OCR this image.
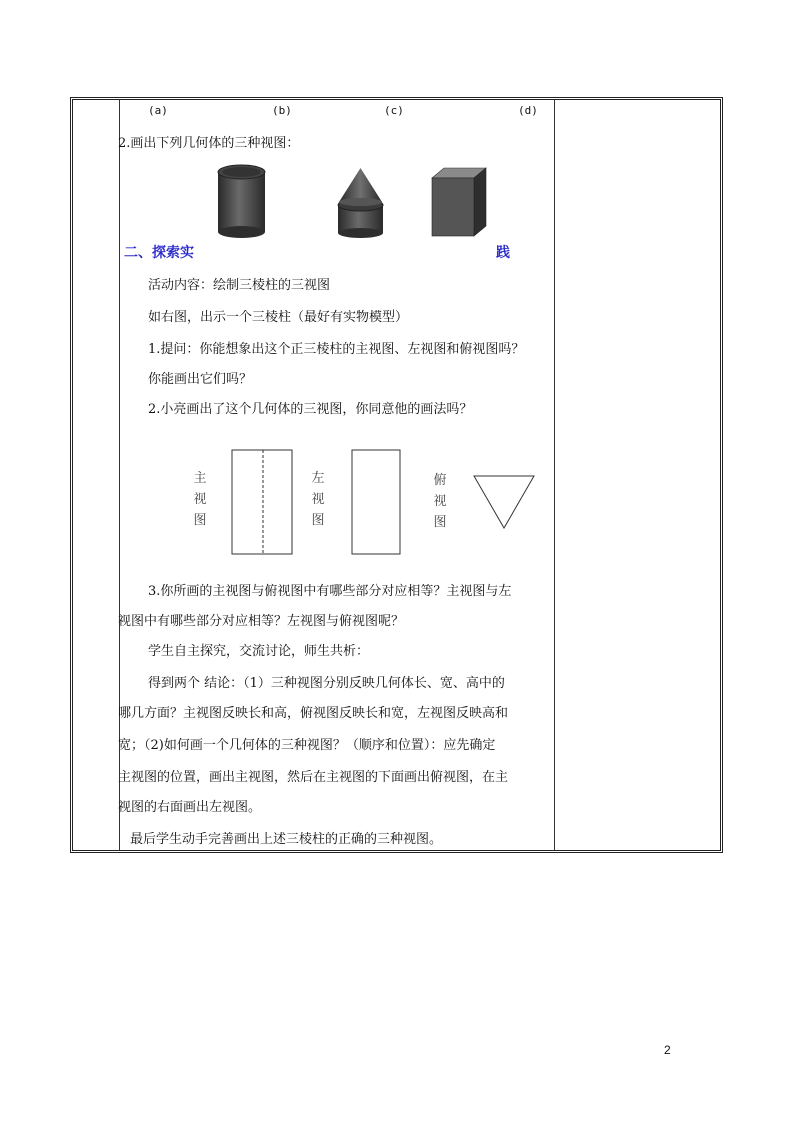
(a)	(b)	(c)	(d)
2.画出下列几何体的三种视图：
二、探索实	践
活动内容：绘制三棱柱的三视图
如右图，出示一个三棱柱（最好有实物模型）
1.提问：你能想象出这个正三棱柱的主视图、左视图和俯视图吗？
你能画出它们吗？
2.小亮画出了这个几何体的三视图，你同意他的画法吗？
主
视
图
左
视
图
俯
视
图
3.你所画的主视图与俯视图中有哪些部分对应相等？主视图与左
视图中有哪些部分对应相等？左视图与俯视图呢？
学生自主探究，交流讨论，师生共析：
得到两个 结论：（1）三种视图分别反映几何体长、宽、高中的
哪几方面？主视图反映长和高，俯视图反映长和宽，左视图反映高和
宽；（2)如何画一个几何体的三种视图？（顺序和位置）：应先确定
主视图的位置，画出主视图，然后在主视图的下面画出俯视图，在主
视图的右面画出左视图。
最后学生动手完善画出上述三棱柱的正确的三种视图。
2
